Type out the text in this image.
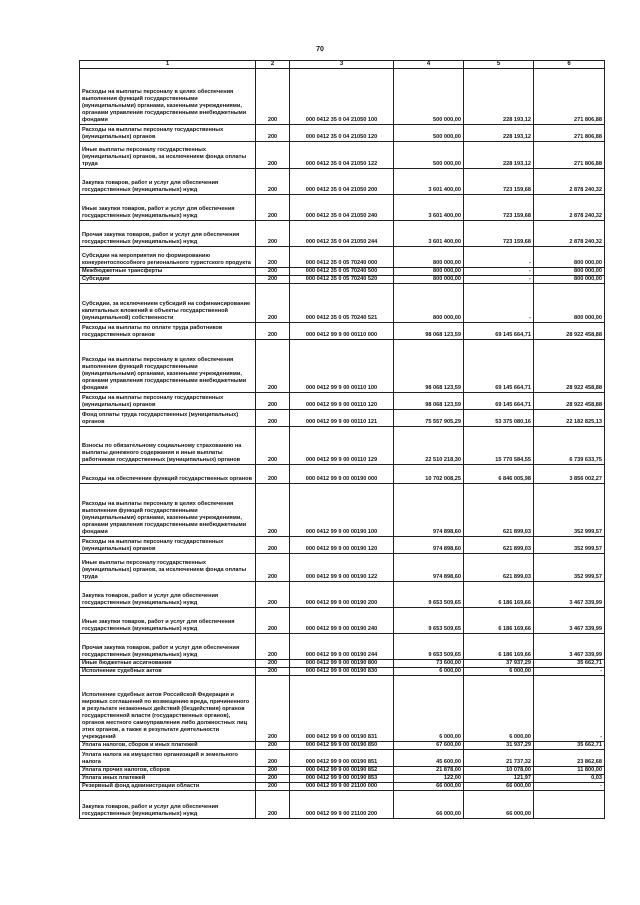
70
1	2	3	4	5	6
Расходы на выплаты персоналу в целях обеспечения выполнения функций государственными (муниципальными) органами, казенными учреждениями, органами управления государственными внебюджетными фондами	200	000 0412 35 0 04 21050 100	500 000,00	228 193,12	271 806,88
Расходы на выплаты персоналу государственных (муниципальных) органов	200	000 0412 35 0 04 21050 120	500 000,00	228 193,12	271 806,88
Иные выплаты персоналу государственных (муниципальных) органов, за исключением фонда оплаты труда	200	000 0412 35 0 04 21050 122	500 000,00	228 193,12	271 806,88
Закупка товаров, работ и услуг для обеспечения государственных (муниципальных) нужд	200	000 0412 35 0 04 21050 200	3 601 400,00	723 159,68	2 878 240,32
Иные закупки товаров, работ и услуг для обеспечения государственных (муниципальных) нужд	200	000 0412 35 0 04 21050 240	3 601 400,00	723 159,68	2 878 240,32
Прочая закупка товаров, работ и услуг для обеспечения государственных (муниципальных) нужд	200	000 0412 35 0 04 21050 244	3 601 400,00	723 159,68	2 878 240,32
Субсидии на мероприятия по формированию конкурентоспособного регионального туристского продукта	200	000 0412 35 0 05 70240 000	800 000,00	-	800 000,00
Межбюджетные трансферты	200	000 0412 35 0 05 70240 500	800 000,00	-	800 000,00
Субсидии	200	000 0412 35 0 05 70240 520	800 000,00	-	800 000,00
Субсидии, за исключением субсидий на софинансирование капитальных вложений в объекты государственной (муниципальной) собственности	200	000 0412 35 0 05 70240 521	800 000,00	-	800 000,00
Расходы на выплаты по оплате труда работников государственных органов	200	000 0412 99 9 00 00110 000	98 068 123,59	69 145 664,71	28 922 458,88
Расходы на выплаты персоналу в целях обеспечения выполнения функций государственными (муниципальными) органами, казенными учреждениями, органами управления государственными внебюджетными фондами	200	000 0412 99 9 00 00110 100	98 068 123,59	69 145 664,71	28 922 458,88
Расходы на выплаты персоналу государственных (муниципальных) органов	200	000 0412 99 9 00 00110 120	98 068 123,59	69 145 664,71	28 922 458,88
Фонд оплаты труда государственных (муниципальных) органов	200	000 0412 99 9 00 00110 121	75 557 905,29	53 375 080,16	22 182 825,13
Взносы по обязательному социальному страхованию на выплаты денежного содержания и иные выплаты работникам государственных (муниципальных) органов	200	000 0412 99 9 00 00110 129	22 510 218,30	15 770 584,55	6 739 633,75
Расходы на обеспечение функций государственных органов	200	000 0412 99 9 00 00190 000	10 702 008,25	6 846 005,98	3 856 002,27
Расходы на выплаты персоналу в целях обеспечения выполнения функций государственными (муниципальными) органами, казенными учреждениями, органами управления государственными внебюджетными фондами	200	000 0412 99 9 00 00190 100	974 898,60	621 899,03	352 999,57
Расходы на выплаты персоналу государственных (муниципальных) органов	200	000 0412 99 9 00 00190 120	974 898,60	621 899,03	352 999,57
Иные выплаты персоналу государственных (муниципальных) органов, за исключением фонда оплаты труда	200	000 0412 99 9 00 00190 122	974 898,60	621 899,03	352 999,57
Закупка товаров, работ и услуг для обеспечения государственных (муниципальных) нужд	200	000 0412 99 9 00 00190 200	9 653 509,65	6 186 169,66	3 467 339,99
Иные закупки товаров, работ и услуг для обеспечения государственных (муниципальных) нужд	200	000 0412 99 9 00 00190 240	9 653 509,65	6 186 169,66	3 467 339,99
Прочая закупка товаров, работ и услуг для обеспечения государственных (муниципальных) нужд	200	000 0412 99 9 00 00190 244	9 653 509,65	6 186 169,66	3 467 339,99
Иные бюджетные ассигнования	200	000 0412 99 9 00 00190 800	73 600,00	37 937,29	35 662,71
Исполнение судебных актов	200	000 0412 99 9 00 00190 830	6 000,00	6 000,00	-
Исполнение судебных актов Российской Федерации и мировых соглашений по возмещению вреда, причиненного в результате незаконных действий (бездействия) органов государственной власти (государственных органов), органов местного самоуправления либо должностных лиц этих органов, а также в результате деятельности учреждений	200	000 0412 99 9 00 00190 831	6 000,00	6 000,00	-
Уплата налогов, сборов и иных платежей	200	000 0412 99 9 00 00190 850	67 600,00	31 937,29	35 662,71
Уплата налога на имущество организаций и земельного налога	200	000 0412 99 9 00 00190 851	45 600,00	21 737,32	23 862,68
Уплата прочих налогов, сборов	200	000 0412 99 9 00 00190 852	21 878,00	10 078,00	11 800,00
Уплата иных платежей	200	000 0412 99 9 00 00190 853	122,00	121,97	0,03
Резервный фонд администрации области	200	000 0412 99 9 00 21100 000	66 000,00	66 000,00	-
Закупка товаров, работ и услуг для обеспечения государственных (муниципальных) нужд	200	000 0412 99 9 00 21100 200	66 000,00	66 000,00	
